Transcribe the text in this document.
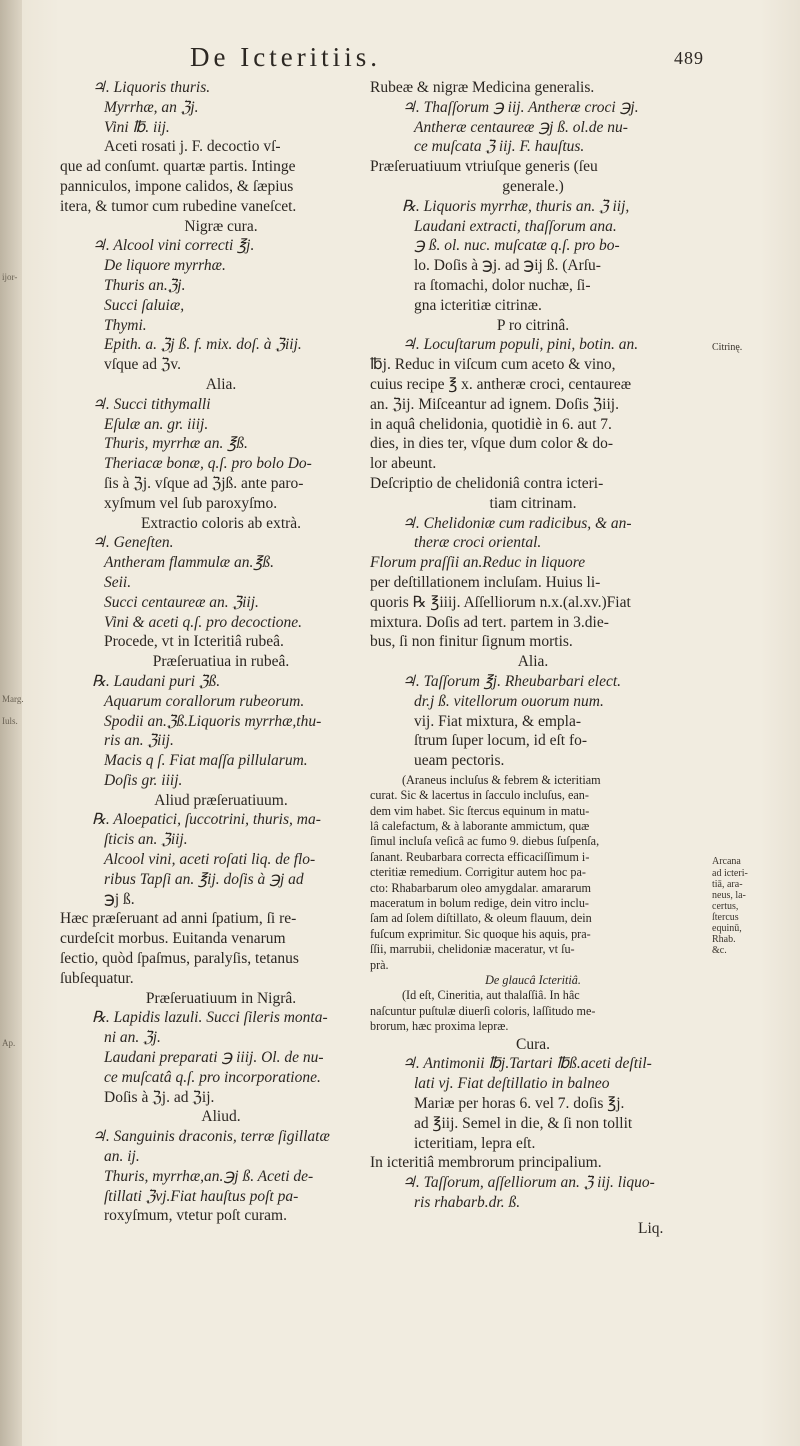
ijor-
Marg.
Iuls.
Ap.
De Icteritiis.	489
♃. Liquoris thuris.
Myrrhæ, an ℨj.
Vini ℔. iij.
Aceti rosati j. F. decoctio vſ-
que ad conſumt. quartæ partis. Intinge
panniculos, impone calidos, & ſæpius
itera, & tumor cum rubedine vaneſcet.
Nigræ cura.
♃. Alcool vini correcti ℥j.
De liquore myrrhæ.
Thuris an.ℨj.
Succi ſaluiæ,
Thymi.
Epith. a. ℨj ß. f. mix. doſ. à ℨiij.
vſque ad ℨv.
Alia.
♃. Succi tithymalli
Eſulæ an. gr. iiij.
Thuris, myrrhæ an. ℥ß.
Theriacæ bonæ, q.ſ. pro bolo Do-
ſis à ℨj. vſque ad ℨjß. ante paro-
xyſmum vel ſub paroxyſmo.
Extractio coloris ab extrà.
♃. Geneſten.
Antheram flammulæ an.℥ß.
Seii.
Succi centaureæ an. ℨiij.
Vini & aceti q.ſ. pro decoctione.
Procede, vt in Icteritiâ rubeâ.
Præſeruatiua in rubeâ.
℞. Laudani puri ℨß.
Aquarum corallorum rubeorum.
Spodii an.ℨß.Liquoris myrrhæ,thu-
ris an. ℨiij.
Macis q ſ. Fiat maſſa pillularum.
Doſis gr. iiij.
Aliud præſeruatiuum.
℞. Aloepatici, ſuccotrini, thuris, ma-
ſticis an. ℨiij.
Alcool vini, aceti roſati liq. de flo-
ribus Tapſi an. ℥ij. doſis à ℈j ad
℈j ß.
Hæc præſeruant ad anni ſpatium, ſi re-
curdeſcit morbus. Euitanda venarum
ſectio, quòd ſpaſmus, paralyſis, tetanus
ſubſequatur.
Præſeruatiuum in Nigrâ.
℞. Lapidis lazuli. Succi ſileris monta-
ni an. ℨj.
Laudani preparati ℈ iiij. Ol. de nu-
ce muſcatâ q.ſ. pro incorporatione.
Doſis à ℨj. ad ℨij.
Aliud.
♃. Sanguinis draconis, terræ ſigillatæ
an. ij.
Thuris, myrrhæ,an.℈j ß. Aceti de-
ſtillati ℨvj.Fiat hauſtus poſt pa-
roxyſmum, vtetur poſt curam.
Rubeæ & nigræ Medicina generalis.
♃. Thaſſorum ℈ iij. Antheræ croci ℈j.
Antheræ centaureæ ℈j ß. ol.de nu-
ce muſcata ℨ iij. F. hauſtus.
Præſeruatiuum vtriuſque generis (ſeu
generale.)
℞. Liquoris myrrhæ, thuris an. ℨ iij,
Laudani extracti, thaſſorum ana.
℈ ß. ol. nuc. muſcatæ q.ſ. pro bo-
lo. Doſis à ℈j. ad ℈ij ß. (Arſu-
ra ſtomachi, dolor nuchæ, ſi-
gna icteritiæ citrinæ.
P ro citrinâ.
♃. Locuſtarum populi, pini, botin. an.
℔j. Reduc in viſcum cum aceto & vino,
cuius recipe ℥ x. antheræ croci, centaureæ
an. ℨij. Miſceantur ad ignem. Doſis ℨiij.
in aquâ chelidonia, quotidiè in 6. aut 7.
dies, in dies ter, vſque dum color & do-
lor abeunt.
Deſcriptio de chelidoniâ contra icteri-
tiam citrinam.
♃. Chelidoniæ cum radicibus, & an-
theræ croci oriental.
Florum praſſii an.Reduc in liquore
per deſtillationem incluſam. Huius li-
quoris ℞ ℥iiij. Aſſelliorum n.x.(al.xv.)Fiat
mixtura. Doſis ad tert. partem in 3.die-
bus, ſi non finitur ſignum mortis.
Alia.
♃. Taſſorum ℥j. Rheubarbari elect.
dr.j ß. vitellorum ouorum num.
vij. Fiat mixtura, & empla-
ſtrum ſuper locum, id eſt fo-
ueam pectoris.
(Araneus incluſus & febrem & icteritiam
curat. Sic & lacertus in ſacculo incluſus, ean-
dem vim habet. Sic ſtercus equinum in matu-
lâ calefactum, & à laborante ammictum, quæ
ſimul incluſa veſicâ ac fumo 9. diebus ſuſpenſa,
ſanant. Reubarbara correcta efficaciſſimum i-
cteritiæ remedium. Corrigitur autem hoc pa-
cto: Rhabarbarum oleo amygdalar. amararum
maceratum in bolum redige, dein vitro inclu-
ſam ad ſolem diſtillato, & oleum flauum, dein
fuſcum exprimitur. Sic quoque his aquis, pra-
ſſii, marrubii, chelidoniæ maceratur, vt ſu-
prà.
De glaucâ Icteritiâ.
(Id eſt, Cineritia, aut thalaſſiâ. In hâc
naſcuntur puſtulæ diuerſi coloris, laſſitudo me-
brorum, hæc proxima lepræ.
Cura.
♃. Antimonii ℔j.Tartari ℔ß.aceti deſtil-
lati vj. Fiat deſtillatio in balneo
Mariæ per horas 6. vel 7. doſis ℥j.
ad ℥iij. Semel in die, & ſi non tollit
icteritiam, lepra eſt.
In icteritiâ membrorum principalium.
♃. Taſſorum, aſſelliorum an. ℨ iij. liquo-
ris rhabarb.dr. ß.
Liq.
Citrinę.
Arcana
ad icteri-
tiā, ara-
neus, la-
certus,
ſtercus
equinū,
Rhab.
&c.
